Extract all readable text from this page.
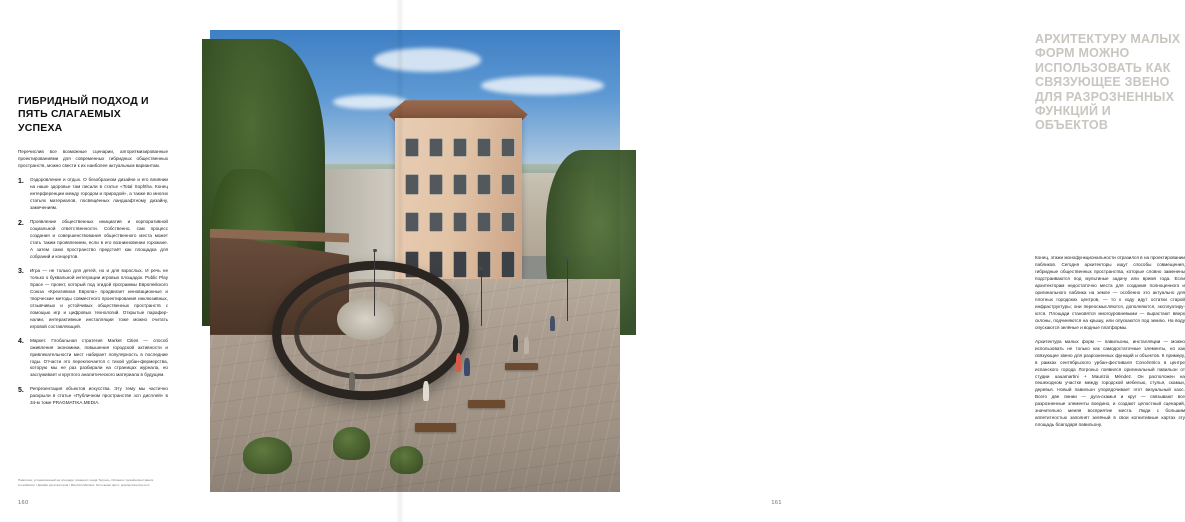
ГИБРИДНЫЙ ПОДХОД И ПЯТЬ СЛАГАЕМЫХ УСПЕХА
Перечислив все возможные сценарии, алгоритмизированные проектированиями для современных гибридных общественных пространств, можно свести к их наиболее актуальным вариантам.
Оздоровление и отдых. О безобразном дизайне и его влиянии на наше здоровье там писали в статье «Total Sophtha. Конец интерференции между городом и природой», а также во многих статьях материалов, посвящённых ландшафтному дизайну, замечениям.
Проявление общественных инициатив и корпоративной социальной ответственности. Собственно, сам процесс создания и совершенствования общественного места может стать таким проявлением, если в его возникновении горожане. А затем само пространство предстаёт как площадка для собраний и концертов.
Игра — не только для детей, но и для взрослых. И речь не только о буквальной интеграции игровых площадок. Public Play Space — проект, который под эгидой программы Европейского Союза «Креативная Европа» продвигает инновационные и творческие методы совместного проектирования инклюзивных, отзывчивых и устойчивых общественных пространств с помощью игр и цифровых технологий. Открытые параферналии, интерактивные инсталляции тоже можно считать игровой составляющей.
Маркет. Глобальная стратегия Market Cities — способ оживления экономики, повышения городской активности и привлекательности мест набирает популярность в последние годы. Отчасти это переключается с тихой урбан-фермерства, которую мы не раз разбирали на страницах журнала, но заслуживает и круглого аналитического материала в будущем.
Репрезентация объектов искусства. Эту тему мы частично раскрыли в статье «Публичном пространстве эсп дисплей» в 34-м томе PRAGMATIKA.MEDIA.
Памятник, установленный на площади ломаного гнада Теруэль, Испания / дизайн-фестиваля Conciliatrion / Дизайн архитекторов / Maurizio Méndez. Источники фото: arquitectureviva.com
160
АРХИТЕКТУРУ МАЛЫХ ФОРМ МОЖНО ИСПОЛЬЗОВАТЬ КАК СВЯЗУЮЩЕЕ ЗВЕНО ДЛЯ РАЗРОЗНЕННЫХ ФУНКЦИЙ И ОБЪЕКТОВ

Конец, этажи монофункциональности отразился в на проектировании пабликов. Сегодня архитекторы ищут способы совмещения, гибридные общественных пространства, которые словно заменены подстраиваются под мультиные задачу или время года. Если архитекторам недостаточно места для создания полноценного и оригинального паблика на земле — особенно это актуально для плотных городских центров, — то к ходу идут остатки старой инфраструктуры; они переосмысляются, дополняются, эксплуатируются. Площади становятся многоуровневыми — вырастают вверх склоны, подчиняются на крышу, или опускаются под землю. На воду опускаются зелёные и водные платформы.

Архитектура малых форм — павильоны, инсталляции — можно использовать не только как самодостаточные элементы, но как связующее звено для разрозненных функций и объектов. К примеру, в рамках сентябрьского урбан-фестиваля Concéntrico в центре испанского города Логроньо появился оригинальный павильон от студии uauamartini + Maurizio Méndez. Он расположен на пешеходном участке между городской мебелью, стулья, скамьи, деревья. Новый павильон упорядочивает этот визуальный хаос. Всего две линии — дуга-скамья и круг — связывают все разрозненные элементы воедино, и создают целостный сценарий, значительно меняя восприятие места. Люди с большим аппетитностью заполнят зелёный в свои когнитивные картах эту площадь благодаря павильону.

161
